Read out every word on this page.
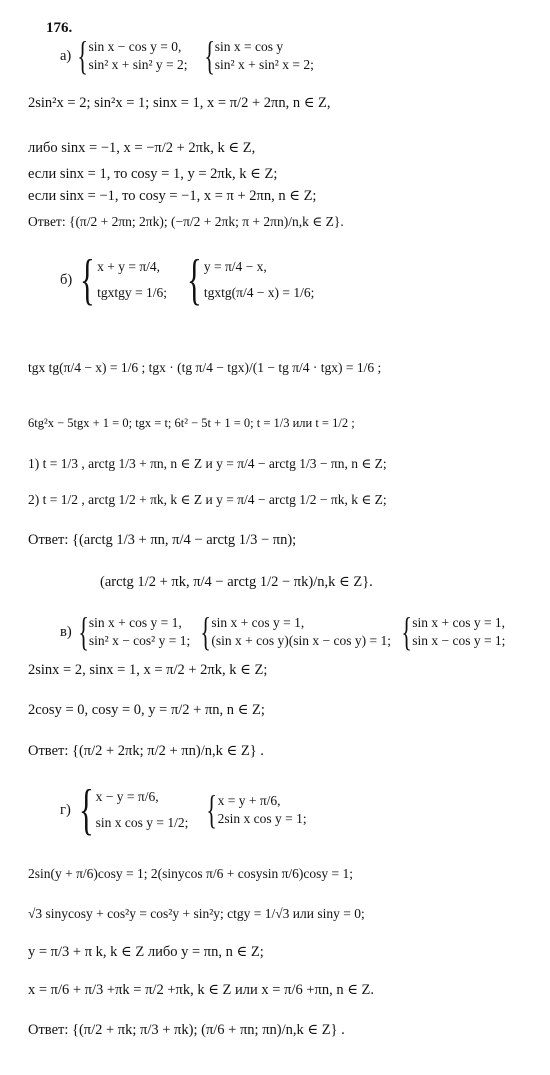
176.
а) { sin x − cos y = 0,
sin² x + sin² y = 2; { sin x = cos y
sin² x + sin² x = 2;
2sin²x = 2; sin²x = 1; sinx = 1, x = π/2 + 2πn, n ∈ Z,
либо sinx = −1, x = −π/2 + 2πk, k ∈ Z,
если sinx = 1, то cosy = 1, y = 2πk, k ∈ Z;
если sinx = −1, то cosy = −1, x = π + 2πn, n ∈ Z;
Ответ: {(π/2 + 2πn; 2πk); (−π/2 + 2πk; π + 2πn)/n,k ∈ Z}.
б) { x + y = π/4,
tgxtgy = 1/6; { y = π/4 − x,
tgxtg(π/4 − x) = 1/6;
tgx tg(π/4 − x) = 1/6 ; tgx · (tg π/4 − tgx)/(1 − tg π/4 · tgx) = 1/6 ;
6tg²x − 5tgx + 1 = 0; tgx = t; 6t² − 5t + 1 = 0; t = 1/3 или t = 1/2 ;
1) t = 1/3 , arctg 1/3 + πn, n ∈ Z и y = π/4 − arctg 1/3 − πn, n ∈ Z;
2) t = 1/2 , arctg 1/2 + πk, k ∈ Z и y = π/4 − arctg 1/2 − πk, k ∈ Z;
Ответ: {(arctg 1/3 + πn, π/4 − arctg 1/3 − πn);
(arctg 1/2 + πk, π/4 − arctg 1/2 − πk)/n,k ∈ Z}.
в) { sin x + cos y = 1,
sin² x − cos² y = 1; { sin x + cos y = 1,
(sin x + cos y)(sin x − cos y) = 1; { sin x + cos y = 1,
sin x − cos y = 1;
2sinx = 2, sinx = 1, x = π/2 + 2πk, k ∈ Z;
2cosy = 0, cosy = 0, y = π/2 + πn, n ∈ Z;
Ответ: {(π/2 + 2πk; π/2 + πn)/n,k ∈ Z} .
г) { x − y = π/6,
sin x cos y = 1/2; { x = y + π/6,
2sin x cos y = 1;
2sin(y + π/6)cosy = 1; 2(sinycos π/6 + cosysin π/6)cosy = 1;
√3 sinycosy + cos²y = cos²y + sin²y; ctgy = 1/√3 или siny = 0;
y = π/3 + π k, k ∈ Z либо y = πn, n ∈ Z;
x = π/6 + π/3 +πk = π/2 +πk, k ∈ Z или x = π/6 +πn, n ∈ Z.
Ответ: {(π/2 + πk; π/3 + πk); (π/6 + πn; πn)/n,k ∈ Z} .
